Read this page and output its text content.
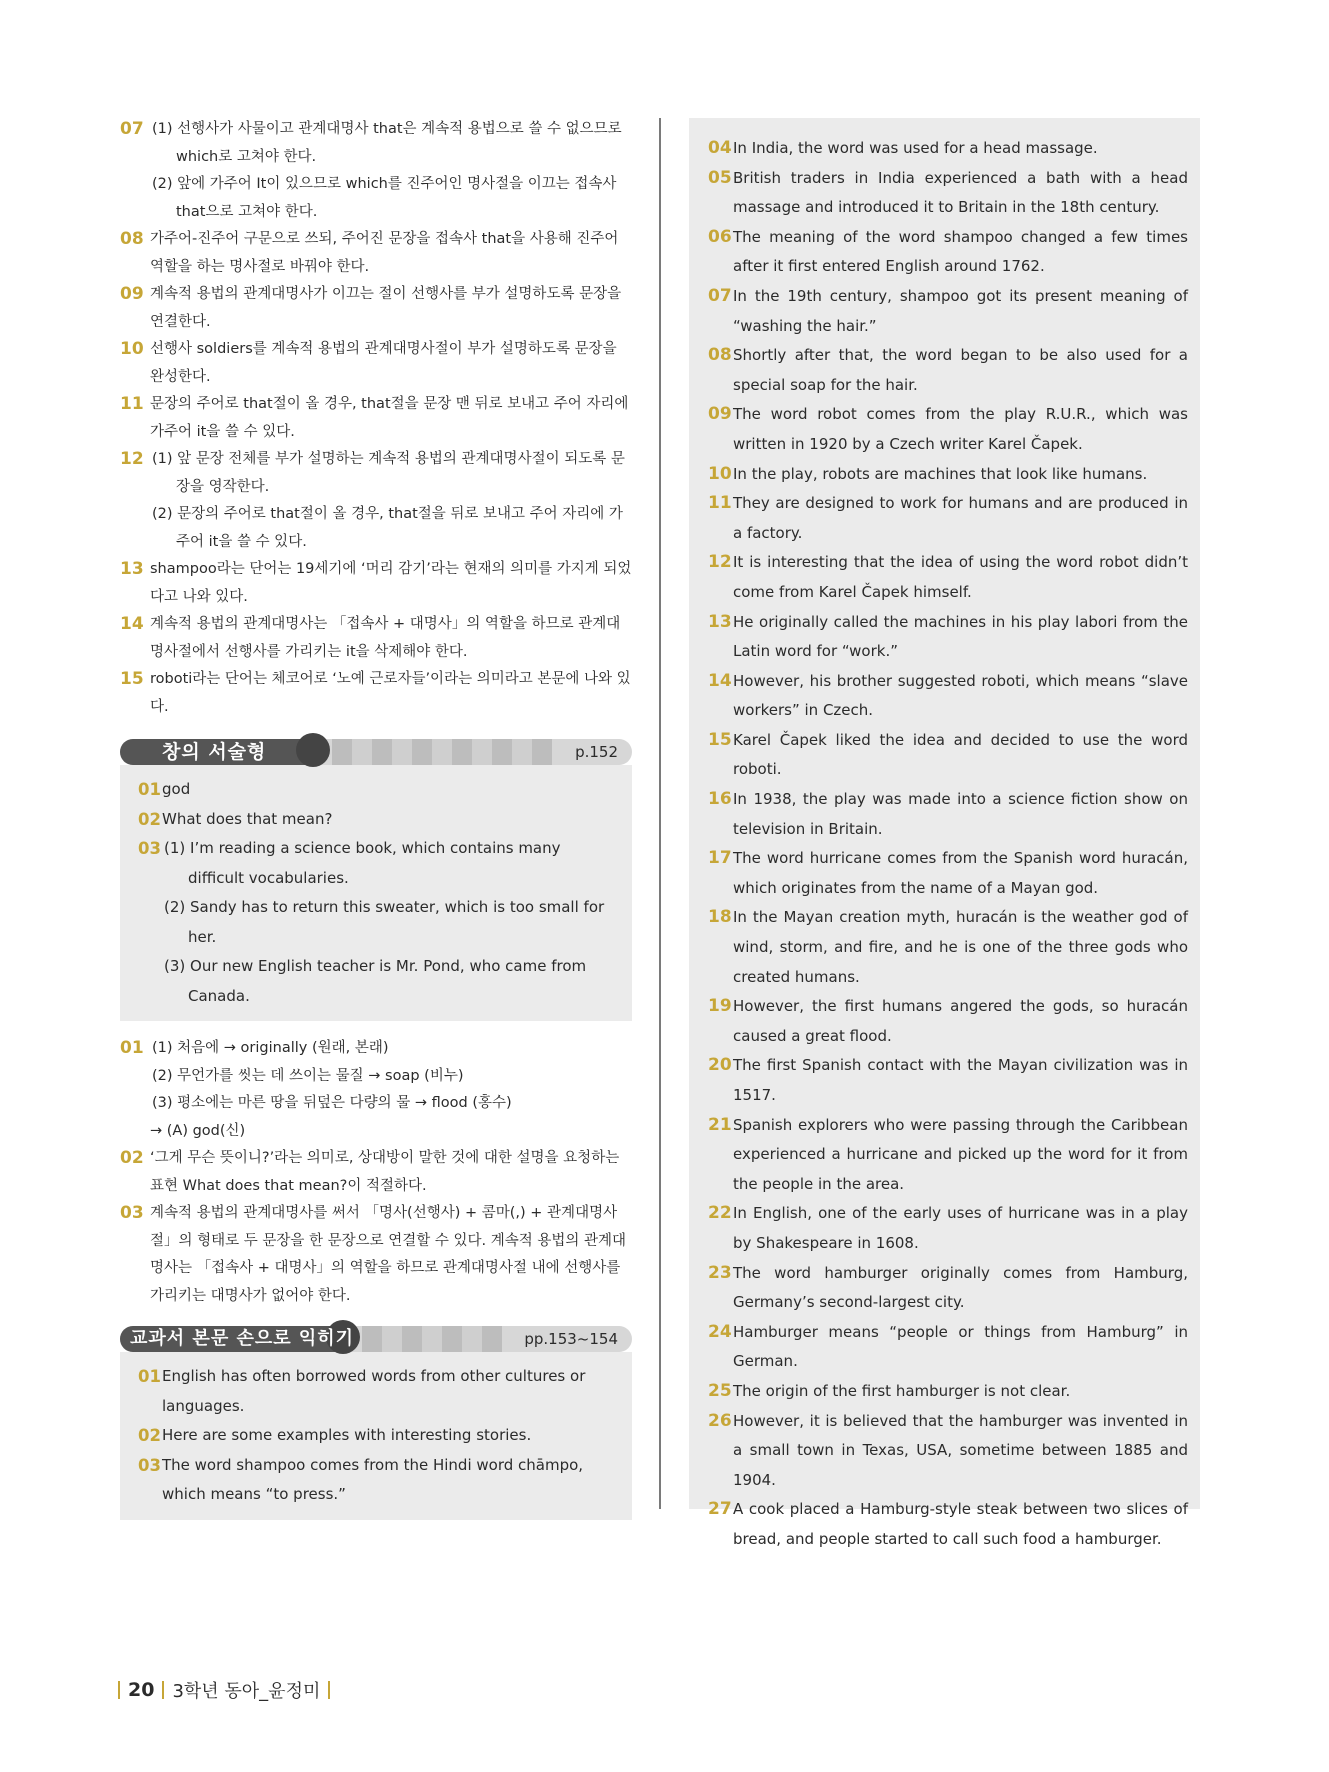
07 (1) 선행사가 사물이고 관계대명사 that은 계속적 용법으로 쓸 수 없으므로 which로 고쳐야 한다.
(2) 앞에 가주어 It이 있으므로 which를 진주어인 명사절을 이끄는 접속사 that으로 고쳐야 한다.
08 가주어-진주어 구문으로 쓰되, 주어진 문장을 접속사 that을 사용해 진주어 역할을 하는 명사절로 바꿔야 한다.
09 계속적 용법의 관계대명사가 이끄는 절이 선행사를 부가 설명하도록 문장을 연결한다.
10 선행사 soldiers를 계속적 용법의 관계대명사절이 부가 설명하도록 문장을 완성한다.
11 문장의 주어로 that절이 올 경우, that절을 문장 맨 뒤로 보내고 주어 자리에 가주어 it을 쓸 수 있다.
12 (1) 앞 문장 전체를 부가 설명하는 계속적 용법의 관계대명사절이 되도록 문장을 영작한다.
(2) 문장의 주어로 that절이 올 경우, that절을 뒤로 보내고 주어 자리에 가주어 it을 쓸 수 있다.
13 shampoo라는 단어는 19세기에 ‘머리 감기’라는 현재의 의미를 가지게 되었다고 나와 있다.
14 계속적 용법의 관계대명사는 「접속사 + 대명사」의 역할을 하므로 관계대명사절에서 선행사를 가리키는 it을 삭제해야 한다.
15 roboti라는 단어는 체코어로 ‘노예 근로자들’이라는 의미라고 본문에 나와 있다.
창의 서술형	p.152
01 god
02 What does that mean?
03 (1) I’m reading a science book, which contains many difficult vocabularies.
(2) Sandy has to return this sweater, which is too small for her.
(3) Our new English teacher is Mr. Pond, who came from Canada.
01 (1) 처음에 → originally (원래, 본래)
(2) 무언가를 씻는 데 쓰이는 물질 → soap (비누)
(3) 평소에는 마른 땅을 뒤덮은 다량의 물 → flood (홍수)
→ (A) god(신)
02 ‘그게 무슨 뜻이니?’라는 의미로, 상대방이 말한 것에 대한 설명을 요청하는 표현 What does that mean?이 적절하다.
03 계속적 용법의 관계대명사를 써서 「명사(선행사) + 콤마(,) + 관계대명사절」의 형태로 두 문장을 한 문장으로 연결할 수 있다. 계속적 용법의 관계대명사는 「접속사 + 대명사」의 역할을 하므로 관계대명사절 내에 선행사를 가리키는 대명사가 없어야 한다.
교과서 본문 손으로 익히기	pp.153~154
01 English has often borrowed words from other cultures or languages.
02 Here are some examples with interesting stories.
03 The word shampoo comes from the Hindi word chāmpo, which means “to press.”
04 In India, the word was used for a head massage.
05 British traders in India experienced a bath with a head massage and introduced it to Britain in the 18th century.
06 The meaning of the word shampoo changed a few times after it first entered English around 1762.
07 In the 19th century, shampoo got its present meaning of “washing the hair.”
08 Shortly after that, the word began to be also used for a special soap for the hair.
09 The word robot comes from the play R.U.R., which was written in 1920 by a Czech writer Karel Čapek.
10 In the play, robots are machines that look like humans.
11 They are designed to work for humans and are produced in a factory.
12 It is interesting that the idea of using the word robot didn’t come from Karel Čapek himself.
13 He originally called the machines in his play labori from the Latin word for “work.”
14 However, his brother suggested roboti, which means “slave workers” in Czech.
15 Karel Čapek liked the idea and decided to use the word roboti.
16 In 1938, the play was made into a science fiction show on television in Britain.
17 The word hurricane comes from the Spanish word huracán, which originates from the name of a Mayan god.
18 In the Mayan creation myth, huracán is the weather god of wind, storm, and fire, and he is one of the three gods who created humans.
19 However, the first humans angered the gods, so huracán caused a great flood.
20 The first Spanish contact with the Mayan civilization was in 1517.
21 Spanish explorers who were passing through the Caribbean experienced a hurricane and picked up the word for it from the people in the area.
22 In English, one of the early uses of hurricane was in a play by Shakespeare in 1608.
23 The word hamburger originally comes from Hamburg, Germany’s second-largest city.
24 Hamburger means “people or things from Hamburg” in German.
25 The origin of the first hamburger is not clear.
26 However, it is believed that the hamburger was invented in a small town in Texas, USA, sometime between 1885 and 1904.
27 A cook placed a Hamburg-style steak between two slices of bread, and people started to call such food a hamburger.
20 3학년 동아_윤정미
